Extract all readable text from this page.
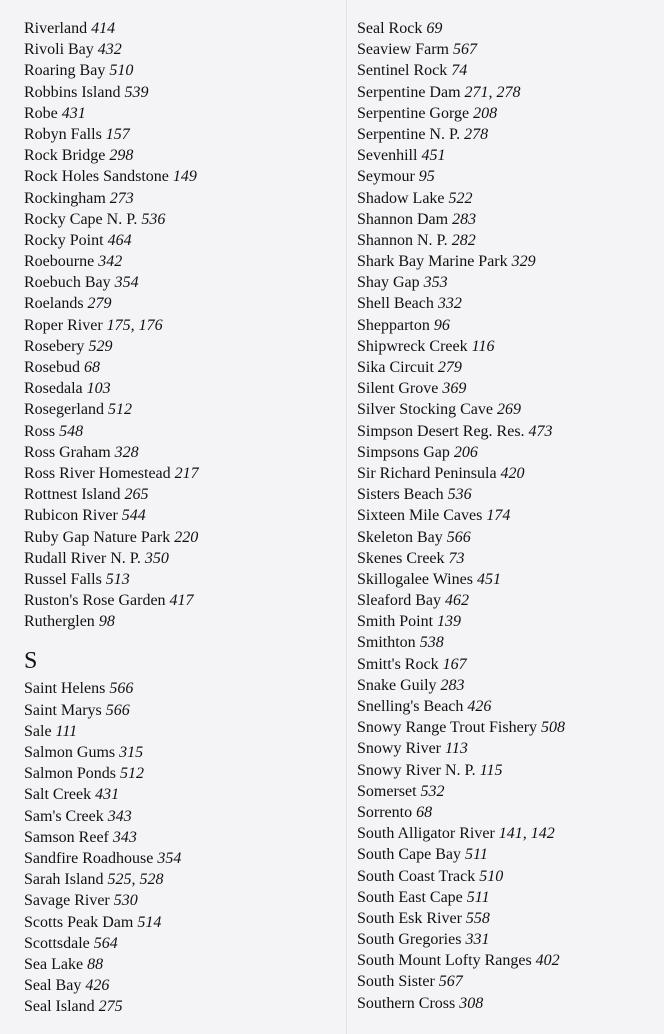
Riverland 414
Rivoli Bay 432
Roaring Bay 510
Robbins Island 539
Robe 431
Robyn Falls 157
Rock Bridge 298
Rock Holes Sandstone 149
Rockingham 273
Rocky Cape N. P. 536
Rocky Point 464
Roebourne 342
Roebuch Bay 354
Roelands 279
Roper River 175, 176
Rosebery 529
Rosebud 68
Rosedala 103
Rosegerland 512
Ross 548
Ross Graham 328
Ross River Homestead 217
Rottnest Island 265
Rubicon River 544
Ruby Gap Nature Park 220
Rudall River N. P. 350
Russel Falls 513
Ruston's Rose Garden 417
Rutherglen 98
S
Saint Helens 566
Saint Marys 566
Sale 111
Salmon Gums 315
Salmon Ponds 512
Salt Creek 431
Sam's Creek 343
Samson Reef 343
Sandfire Roadhouse 354
Sarah Island 525, 528
Savage River 530
Scotts Peak Dam 514
Scottsdale 564
Sea Lake 88
Seal Bay 426
Seal Island 275
Seal Rock 69
Seaview Farm 567
Sentinel Rock 74
Serpentine Dam 271, 278
Serpentine Gorge 208
Serpentine N. P. 278
Sevenhill 451
Seymour 95
Shadow Lake 522
Shannon Dam 283
Shannon N. P. 282
Shark Bay Marine Park 329
Shay Gap 353
Shell Beach 332
Shepparton 96
Shipwreck Creek 116
Sika Circuit 279
Silent Grove 369
Silver Stocking Cave 269
Simpson Desert Reg. Res. 473
Simpsons Gap 206
Sir Richard Peninsula 420
Sisters Beach 536
Sixteen Mile Caves 174
Skeleton Bay 566
Skenes Creek 73
Skillogalee Wines 451
Sleaford Bay 462
Smith Point 139
Smithton 538
Smitt's Rock 167
Snake Guily 283
Snelling's Beach 426
Snowy Range Trout Fishery 508
Snowy River 113
Snowy River N. P. 115
Somerset 532
Sorrento 68
South Alligator River 141, 142
South Cape Bay 511
South Coast Track 510
South East Cape 511
South Esk River 558
South Gregories 331
South Mount Lofty Ranges 402
South Sister 567
Southern Cross 308
